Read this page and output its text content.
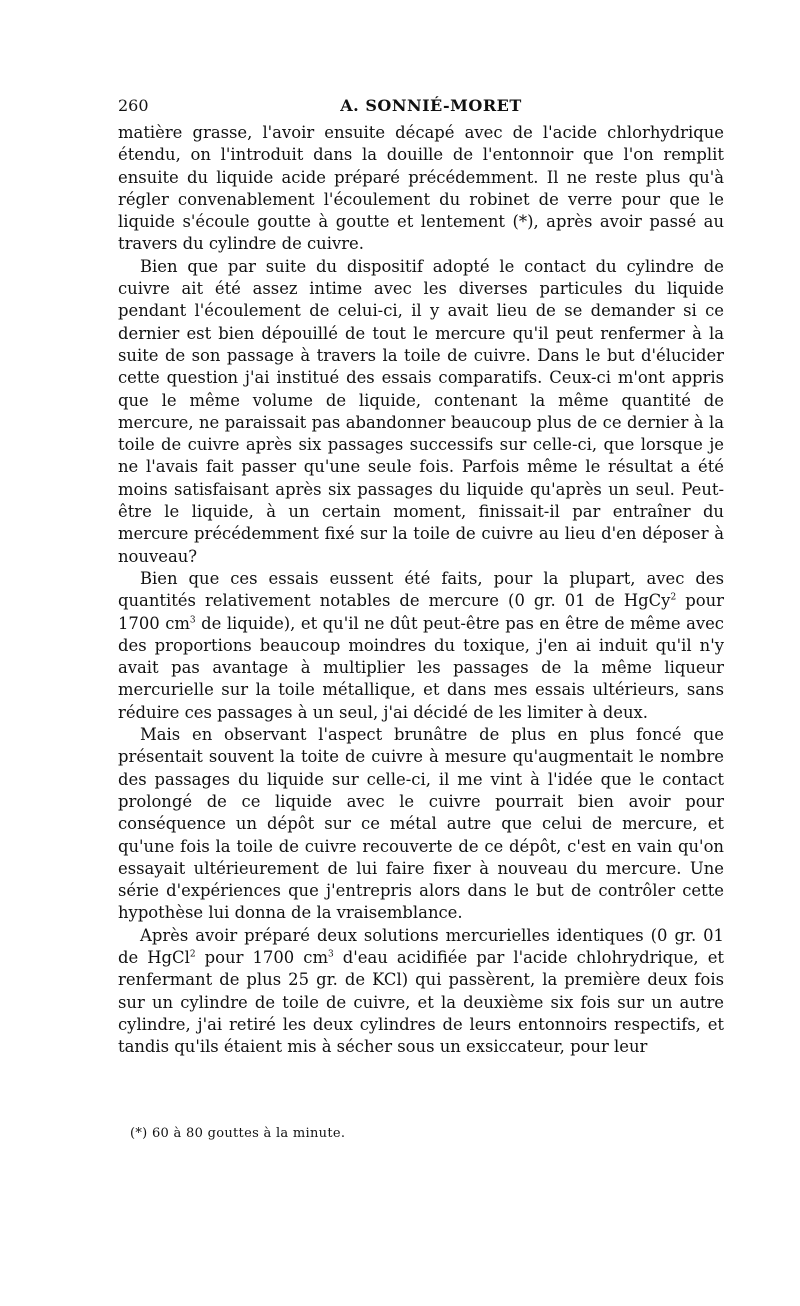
260	A. SONNIÉ-MORET

matière grasse, l'avoir ensuite décapé avec de l'acide chlorhydrique étendu, on l'introduit dans la douille de l'entonnoir que l'on remplit ensuite du liquide acide préparé précédemment. Il ne reste plus qu'à régler convenablement l'écoulement du robinet de verre pour que le liquide s'écoule goutte à goutte et lentement (*), après avoir passé au travers du cylindre de cuivre.

Bien que par suite du dispositif adopté le contact du cylindre de cuivre ait été assez intime avec les diverses particules du liquide pendant l'écoulement de celui-ci, il y avait lieu de se demander si ce dernier est bien dépouillé de tout le mercure qu'il peut renfermer à la suite de son passage à travers la toile de cuivre. Dans le but d'élucider cette question j'ai institué des essais comparatifs. Ceux-ci m'ont appris que le même volume de liquide, contenant la même quantité de mercure, ne paraissait pas abandonner beaucoup plus de ce dernier à la toile de cuivre après six passages successifs sur celle-ci, que lorsque je ne l'avais fait passer qu'une seule fois. Parfois même le résultat a été moins satisfaisant après six passages du liquide qu'après un seul. Peut-être le liquide, à un certain moment, finissait-il par entraîner du mercure précédemment fixé sur la toile de cuivre au lieu d'en déposer à nouveau?

Bien que ces essais eussent été faits, pour la plupart, avec des quantités relativement notables de mercure (0 gr. 01 de HgCy$^2$ pour 1700 $cm^3$ de liquide), et qu'il ne dût peut-être pas en être de même avec des proportions beaucoup moindres du toxique, j'en ai induit qu'il n'y avait pas avantage à multiplier les passages de la même liqueur mercurielle sur la toile métallique, et dans mes essais ultérieurs, sans réduire ces passages à un seul, j'ai décidé de les limiter à deux.

Mais en observant l'aspect brunâtre de plus en plus foncé que présentait souvent la toite de cuivre à mesure qu'augmentait le nombre des passages du liquide sur celle-ci, il me vint à l'idée que le contact prolongé de ce liquide avec le cuivre pourrait bien avoir pour conséquence un dépôt sur ce métal autre que celui de mercure, et qu'une fois la toile de cuivre recouverte de ce dépôt, c'est en vain qu'on essayait ultérieurement de lui faire fixer à nouveau du mercure. Une série d'expériences que j'entrepris alors dans le but de contrôler cette hypothèse lui donna de la vraisemblance.

Après avoir préparé deux solutions mercurielles identiques (0 gr. 01 de HgCl$^2$ pour 1700 $cm^3$ d'eau acidifiée par l'acide chlohrydrique, et renfermant de plus 25 gr. de KCl) qui passèrent, la première deux fois sur un cylindre de toile de cuivre, et la deuxième six fois sur un autre cylindre, j'ai retiré les deux cylindres de leurs entonnoirs respectifs, et tandis qu'ils étaient mis à sécher sous un exsiccateur, pour leur

(*) 60 à 80 gouttes à la minute.
